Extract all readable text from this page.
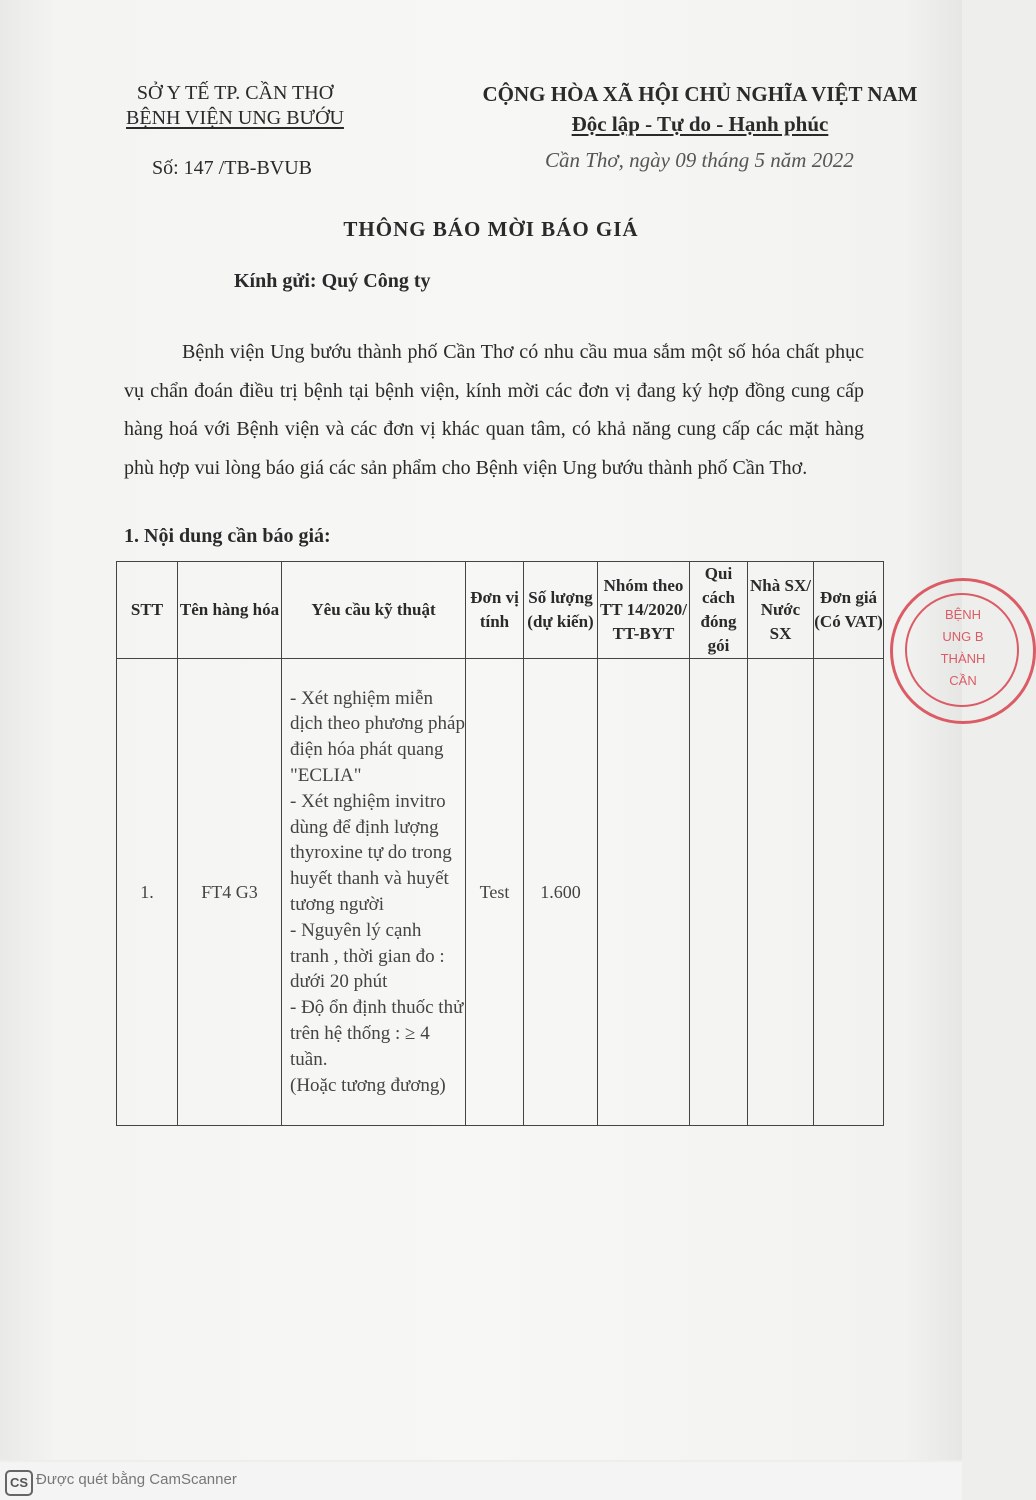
SỞ Y TẾ TP. CẦN THƠ
BỆNH VIỆN UNG BƯỚU
Số: 147 /TB-BVUB
CỘNG HÒA XÃ HỘI CHỦ NGHĨA VIỆT NAM
Độc lập - Tự do - Hạnh phúc
Cần Thơ, ngày 09 tháng 5 năm 2022
THÔNG BÁO MỜI BÁO GIÁ
Kính gửi: Quý Công ty
Bệnh viện Ung bướu thành phố Cần Thơ có nhu cầu mua sắm một số hóa chất phục vụ chẩn đoán điều trị bệnh tại bệnh viện, kính mời các đơn vị đang ký hợp đồng cung cấp hàng hoá với Bệnh viện và các đơn vị khác quan tâm, có khả năng cung cấp các mặt hàng phù hợp vui lòng báo giá các sản phẩm cho Bệnh viện Ung bướu thành phố Cần Thơ.
1. Nội dung cần báo giá:
STT	Tên hàng hóa	Yêu cầu kỹ thuật	Đơn vị tính	Số lượng (dự kiến)	Nhóm theo TT 14/2020/ TT-BYT	Qui cách đóng gói	Nhà SX/ Nước SX	Đơn giá (Có VAT)
1.	FT4 G3	- Xét nghiệm miễn dịch theo phương pháp điện hóa phát quang "ECLIA"
- Xét nghiệm invitro dùng để định lượng thyroxine tự do trong huyết thanh và huyết tương người
- Nguyên lý cạnh tranh , thời gian đo : dưới 20 phút
- Độ ổn định thuốc thử trên hệ thống : ≥ 4 tuần.
(Hoặc tương đương)	Test	1.600				
BỆNH
UNG B
THÀNH
CẦN
CS Được quét bằng CamScanner
